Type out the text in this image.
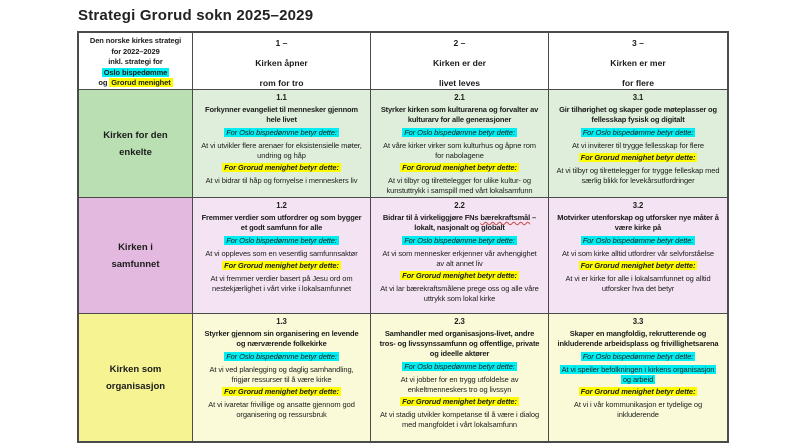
Strategi Grorud sokn 2025–2029
Den norske kirkes strategi
for 2022–2029
inkl. strategi for
Oslo bispedømme
og Grorud menighet
1 –
Kirken åpner
rom for tro
2 –
Kirken er der
livet leves
3 –
Kirken er mer
for flere
Kirken for den enkelte
1.1
Forkynner evangeliet til mennesker gjennom hele livet
For Oslo bispedømme betyr dette:
At vi utvikler flere arenaer for eksistensielle møter, undring og håp
For Grorud menighet betyr dette:
At vi bidrar til håp og fornyelse i menneskers liv
2.1
Styrker kirken som kulturarena og forvalter av kulturarv for alle generasjoner
For Oslo bispedømme betyr dette:
At våre kirker virker som kulturhus og åpne rom for nabolagene
For Grorud menighet betyr dette:
At vi tilbyr og tilrettelegger for ulike kultur- og kunstuttrykk i samspill med vårt lokalsamfunn
3.1
Gir tilhørighet og skaper gode møteplasser og fellesskap fysisk og digitalt
For Oslo bispedømme betyr dette:
At vi inviterer til trygge fellesskap for flere
For Grorud menighet betyr dette:
At vi tilbyr og tilrettelegger for trygge felleskap med særlig blikk for levekårsutfordringer
Kirken i samfunnet
1.2
Fremmer verdier som utfordrer og som bygger et godt samfunn for alle
For Oslo bispedømme betyr dette:
At vi oppleves som en vesentlig samfunnsaktør
For Grorud menighet betyr dette:
At vi fremmer verdier basert på Jesu ord om nestekjærlighet i vårt virke i lokalsamfunnet
2.2
Bidrar til å virkeliggjøre FNs bærekraftsmål – lokalt, nasjonalt og globalt
For Oslo bispedømme betyr dette:
At vi som mennesker erkjenner vår avhengighet av alt annet liv
For Grorud menighet betyr dette:
At vi lar bærekraftsmålene prege oss og alle våre uttrykk som lokal kirke
3.2
Motvirker utenforskap og utforsker nye måter å være kirke på
For Oslo bispedømme betyr dette:
At vi som kirke alltid utfordrer vår selvforståelse
For Grorud menighet betyr dette:
At vi er kirke for alle i lokalsamfunnet og alltid utforsker hva det betyr
Kirken som organisasjon
1.3
Styrker gjennom sin organisering en levende og nærværende folkekirke
For Oslo bispedømme betyr dette:
At vi ved planlegging og daglig samhandling, frigjør ressurser til å være kirke
For Grorud menighet betyr dette:
At vi ivaretar frivillige og ansatte gjennom god organisering og ressursbruk
2.3
Samhandler med organisasjons-livet, andre tros- og livssynssamfunn og offentlige, private og ideelle aktører
For Oslo bispedømme betyr dette:
At vi jobber for en trygg utfoldelse av enkeltmenneskers tro og livssyn
For Grorud menighet betyr dette:
At vi stadig utvikler kompetanse til å være i dialog med mangfoldet i vårt lokalsamfunn
3.3
Skaper en mangfoldig, rekrutterende og inkluderende arbeidsplass og frivillighetsarena
For Oslo bispedømme betyr dette:
At vi speiler befolkningen i kirkens organisasjon og arbeid
For Grorud menighet betyr dette:
At vi i vår kommunikasjon er tydelige og inkluderende
